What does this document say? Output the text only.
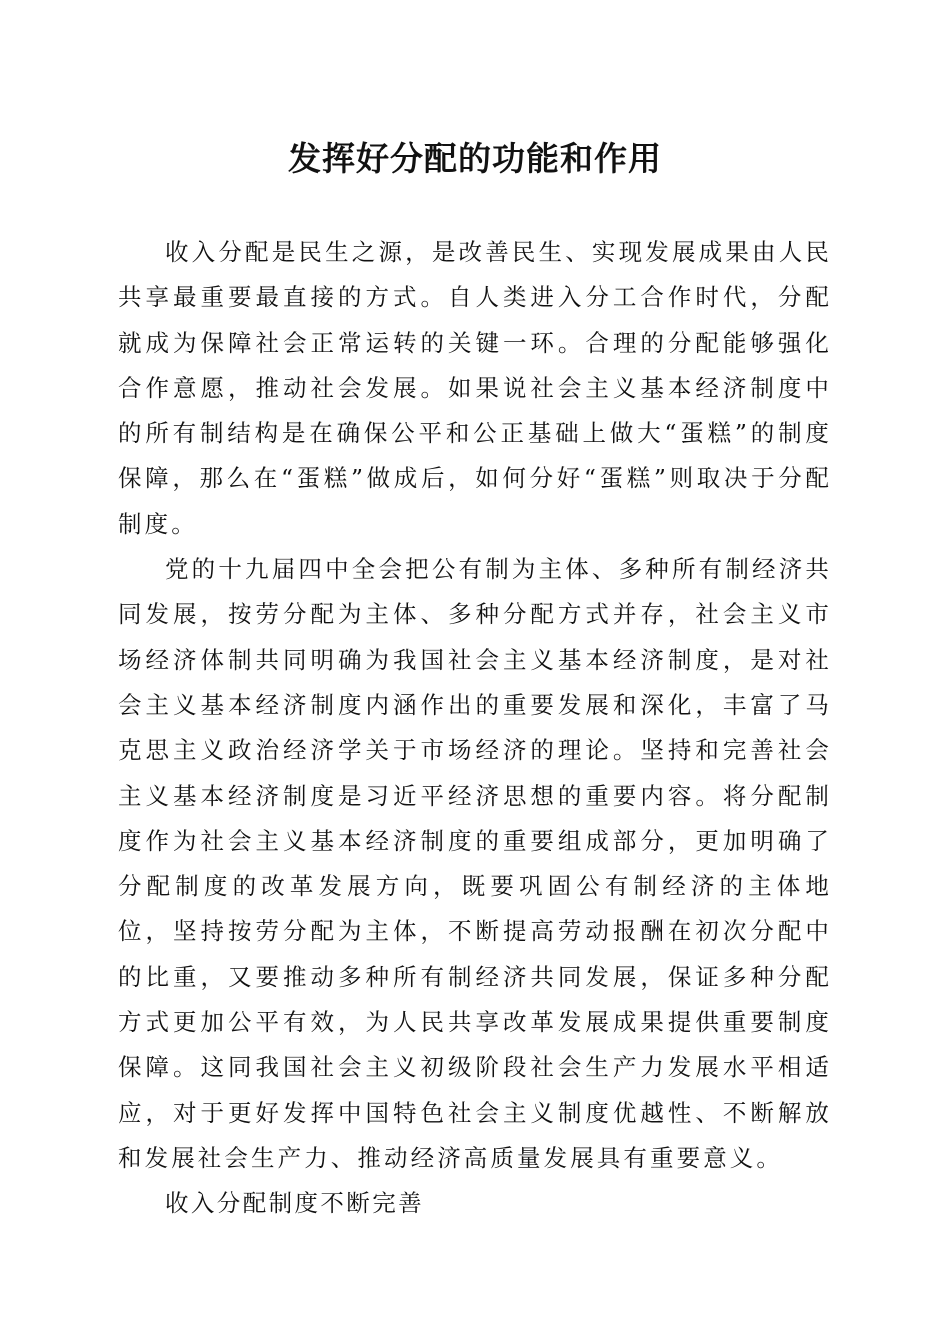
发挥好分配的功能和作用

收入分配是民生之源，是改善民生、实现发展成果由人民共享最重要最直接的方式。自人类进入分工合作时代，分配就成为保障社会正常运转的关键一环。合理的分配能够强化合作意愿，推动社会发展。如果说社会主义基本经济制度中的所有制结构是在确保公平和公正基础上做大“蛋糕”的制度保障，那么在“蛋糕”做成后，如何分好“蛋糕”则取决于分配制度。

党的十九届四中全会把公有制为主体、多种所有制经济共同发展，按劳分配为主体、多种分配方式并存，社会主义市场经济体制共同明确为我国社会主义基本经济制度，是对社会主义基本经济制度内涵作出的重要发展和深化，丰富了马克思主义政治经济学关于市场经济的理论。坚持和完善社会主义基本经济制度是习近平经济思想的重要内容。将分配制度作为社会主义基本经济制度的重要组成部分，更加明确了分配制度的改革发展方向，既要巩固公有制经济的主体地位，坚持按劳分配为主体，不断提高劳动报酬在初次分配中的比重，又要推动多种所有制经济共同发展，保证多种分配方式更加公平有效，为人民共享改革发展成果提供重要制度保障。这同我国社会主义初级阶段社会生产力发展水平相适应，对于更好发挥中国特色社会主义制度优越性、不断解放和发展社会生产力、推动经济高质量发展具有重要意义。

收入分配制度不断完善
